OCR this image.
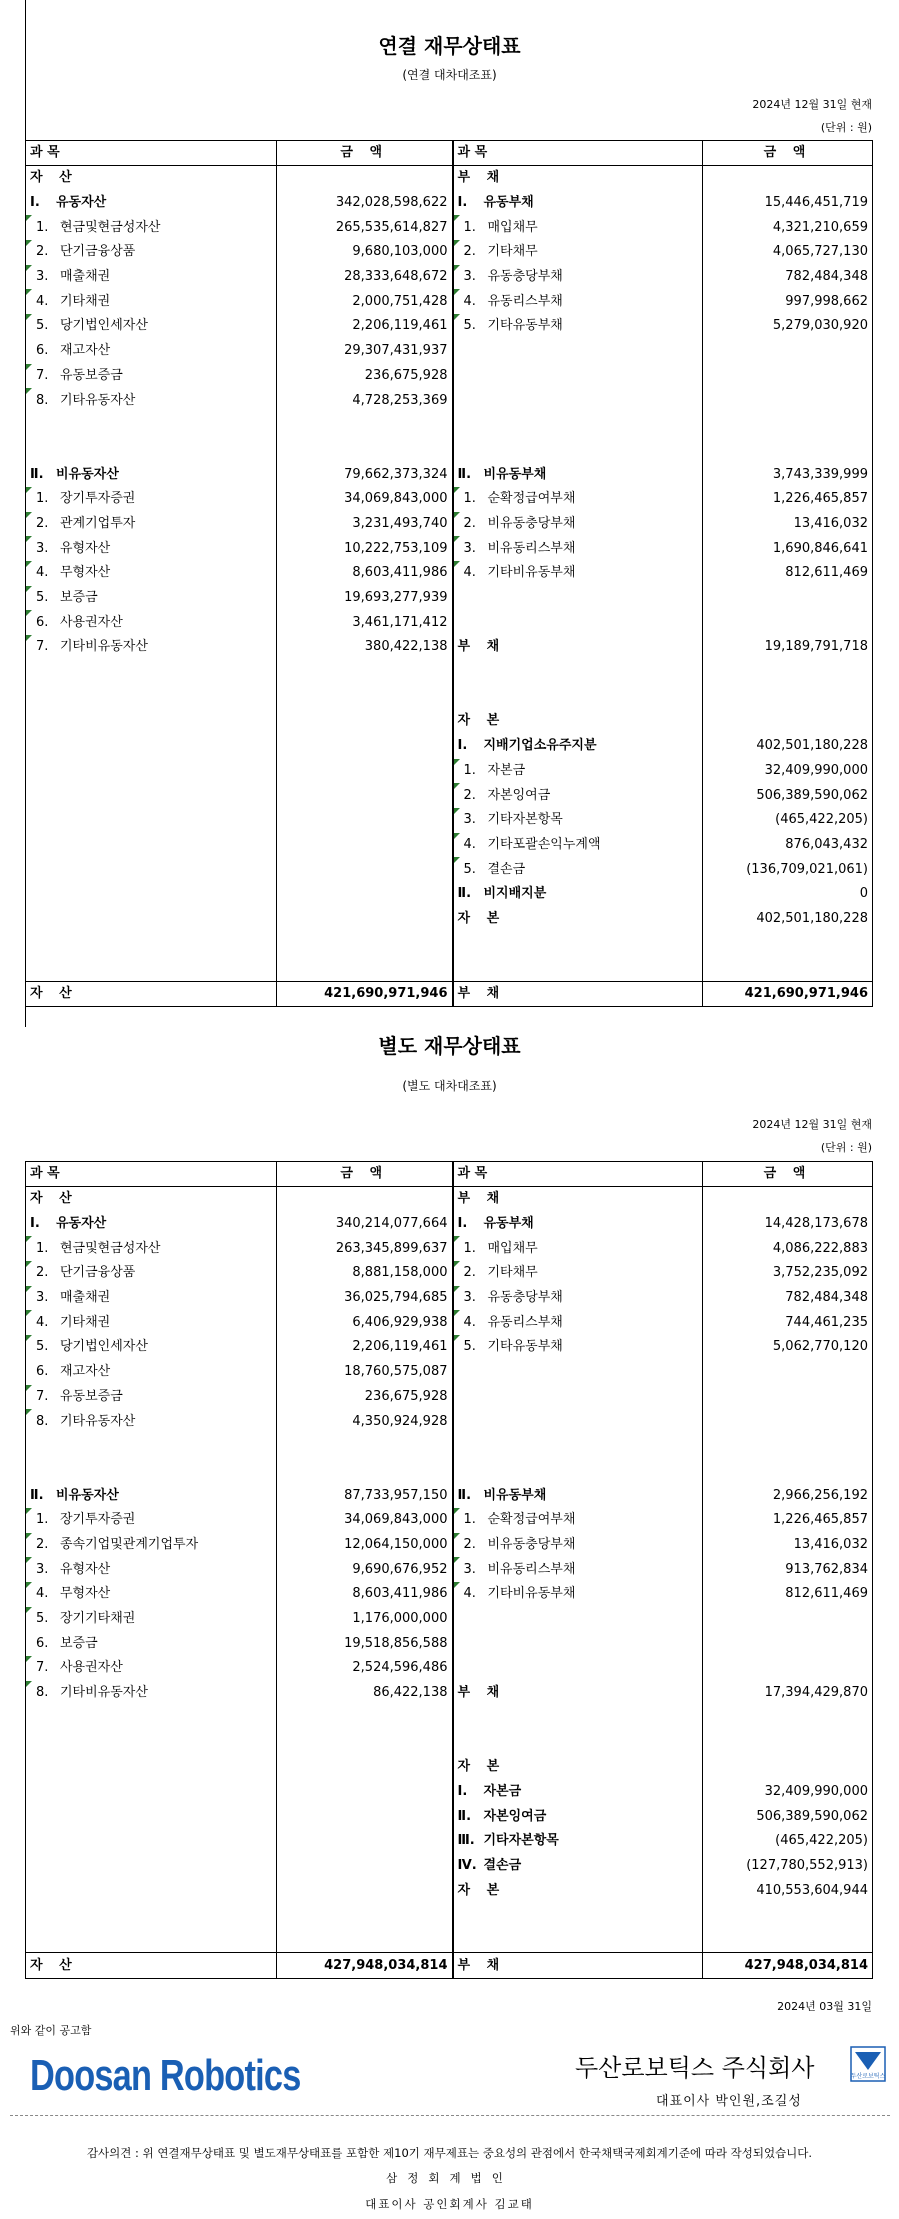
연결 재무상태표
(연결 대차대조표)
2024년 12월 31일 현재
(단위 : 원)
과 목	금 액	과 목	금 액
자 산		부 채	

Ⅰ. 유동자산	342,028,598,622	Ⅰ. 유동부채	15,446,451,719

1. 현금및현금성자산	265,535,614,827	1. 매입채무	4,321,210,659

2. 단기금융상품	9,680,103,000	2. 기타채무	4,065,727,130

3. 매출채권	28,333,648,672	3. 유동충당부채	782,484,348

4. 기타채권	2,000,751,428	4. 유동리스부채	997,998,662

5. 당기법인세자산	2,206,119,461	5. 기타유동부채	5,279,030,920

6. 재고자산	29,307,431,937		

7. 유동보증금	236,675,928		

8. 기타유동자산	4,728,253,369		

Ⅱ. 비유동자산	79,662,373,324	Ⅱ. 비유동부채	3,743,339,999

1. 장기투자증권	34,069,843,000	1. 순확정급여부채	1,226,465,857

2. 관계기업투자	3,231,493,740	2. 비유동충당부채	13,416,032

3. 유형자산	10,222,753,109	3. 비유동리스부채	1,690,846,641

4. 무형자산	8,603,411,986	4. 기타비유동부채	812,611,469

5. 보증금	19,693,277,939		

6. 사용권자산	3,461,171,412		

7. 기타비유동자산	380,422,138	부 채	19,189,791,718

		자 본	

		Ⅰ. 지배기업소유주지분	402,501,180,228

		1. 자본금	32,409,990,000

		2. 자본잉여금	506,389,590,062

		3. 기타자본항목	(465,422,205)

		4. 기타포괄손익누계액	876,043,432

		5. 결손금	(136,709,021,061)

		Ⅱ. 비지배지분	0
		자 본	402,501,180,228

자 산	421,690,971,946	부 채	421,690,971,946
별도 재무상태표
(별도 대차대조표)
2024년 12월 31일 현재
(단위 : 원)
과 목	금 액	과 목	금 액
자 산		부 채	

Ⅰ. 유동자산	340,214,077,664	Ⅰ. 유동부채	14,428,173,678

1. 현금및현금성자산	263,345,899,637	1. 매입채무	4,086,222,883

2. 단기금융상품	8,881,158,000	2. 기타채무	3,752,235,092

3. 매출채권	36,025,794,685	3. 유동충당부채	782,484,348

4. 기타채권	6,406,929,938	4. 유동리스부채	744,461,235

5. 당기법인세자산	2,206,119,461	5. 기타유동부채	5,062,770,120

6. 재고자산	18,760,575,087		

7. 유동보증금	236,675,928		

8. 기타유동자산	4,350,924,928		

Ⅱ. 비유동자산	87,733,957,150	Ⅱ. 비유동부채	2,966,256,192

1. 장기투자증권	34,069,843,000	1. 순확정급여부채	1,226,465,857

2. 종속기업및관계기업투자	12,064,150,000	2. 비유동충당부채	13,416,032

3. 유형자산	9,690,676,952	3. 비유동리스부채	913,762,834

4. 무형자산	8,603,411,986	4. 기타비유동부채	812,611,469

5. 장기기타채권	1,176,000,000		

6. 보증금	19,518,856,588		

7. 사용권자산	2,524,596,486		

8. 기타비유동자산	86,422,138	부 채	17,394,429,870

		자 본	

		Ⅰ. 자본금	32,409,990,000

		Ⅱ. 자본잉여금	506,389,590,062

		Ⅲ. 기타자본항목	(465,422,205)

		Ⅳ. 결손금	(127,780,552,913)
		자 본	410,553,604,944

자 산	427,948,034,814	부 채	427,948,034,814
2024년 03월 31일
위와 같이 공고함
Doosan Robotics	두산로보틱스 주식회사
대표이사 박인원,조길성
두산로보틱스
감사의견 : 위 연결재무상태표 및 별도재무상태표를 포함한 제10기 재무제표는 중요성의 관점에서 한국채택국제회계기준에 따라 작성되었습니다.
삼정회계법인
대표이사 공인회계사 김교태
